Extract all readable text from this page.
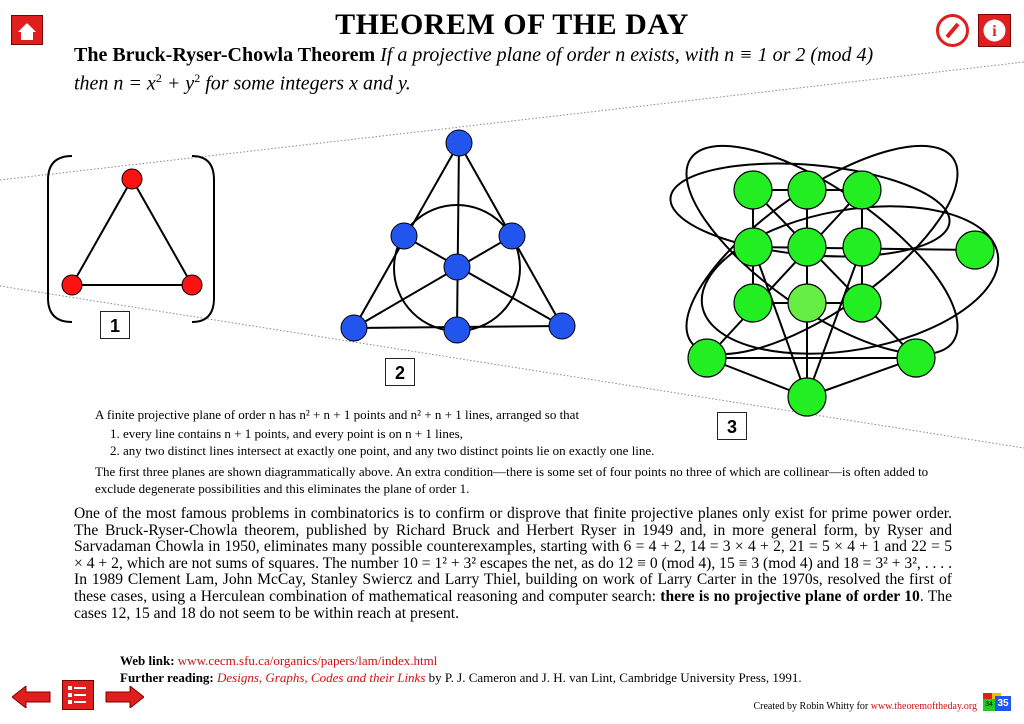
i
THEOREM OF THE DAY
The Bruck-Ryser-Chowla Theorem If a projective plane of order n exists, with n ≡ 1 or 2 (mod 4)
then $n = x^2 + y^2$ for some integers x and y.
1
2
3

A finite projective plane of order n has n² + n + 1 points and n² + n + 1 lines, arranged so that

1. every line contains n + 1 points, and every point is on n + 1 lines,
2. any two distinct lines intersect at exactly one point, and any two distinct points lie on exactly one line.

The first three planes are shown diagrammatically above. An extra condition—there is some set of four points no three of which are collinear—is often added to exclude degenerate possibilities and this eliminates the plane of order 1.

One of the most famous problems in combinatorics is to confirm or disprove that finite projective planes only exist for prime power order. The Bruck-Ryser-Chowla theorem, published by Richard Bruck and Herbert Ryser in 1949 and, in more general form, by Ryser and Sarvadaman Chowla in 1950, eliminates many possible counterexamples, starting with 6 = 4 + 2, 14 = 3 × 4 + 2, 21 = 5 × 4 + 1 and 22 = 5 × 4 + 2, which are not sums of squares. The number 10 = 1² + 3² escapes the net, as do 12 ≡ 0 (mod 4), 15 ≡ 3 (mod 4) and 18 = 3² + 3², . . . . In 1989 Clement Lam, John McCay, Stanley Swiercz and Larry Thiel, building on work of Larry Carter in the 1970s, resolved the first of these cases, using a Herculean combination of mathematical reasoning and computer search: there is no projective plane of order 10. The cases 12, 15 and 18 do not seem to be within reach at present.
Web link: www.cecm.sfu.ca/organics/papers/lam/index.html
Further reading: Designs, Graphs, Codes and their Links by P. J. Cameron and J. H. van Lint, Cambridge University Press, 1991.
Created by Robin Whitty for www.theoremoftheday.org 34 35
